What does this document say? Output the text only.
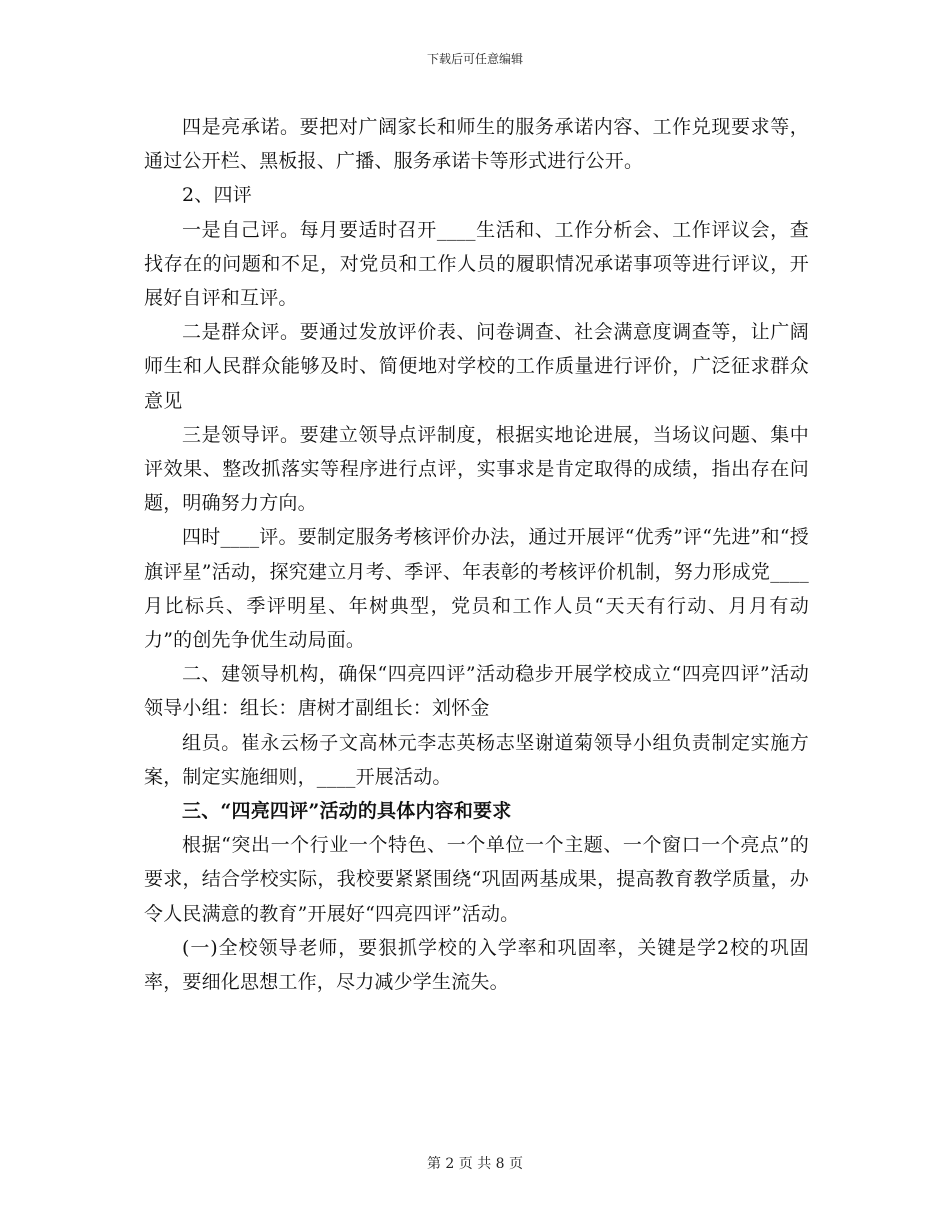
下载后可任意编辑

四是亮承诺。要把对广阔家长和师生的服务承诺内容、工作兑现要求等，通过公开栏、黑板报、广播、服务承诺卡等形式进行公开。

2、四评

一是自己评。每月要适时召开____生活和、工作分析会、工作评议会，查找存在的问题和不足，对党员和工作人员的履职情况承诺事项等进行评议，开展好自评和互评。

二是群众评。要通过发放评价表、问卷调查、社会满意度调查等，让广阔师生和人民群众能够及时、简便地对学校的工作质量进行评价，广泛征求群众意见

三是领导评。要建立领导点评制度，根据实地论进展，当场议问题、集中评效果、整改抓落实等程序进行点评，实事求是肯定取得的成绩，指出存在问题，明确努力方向。

四时____评。要制定服务考核评价办法，通过开展评“优秀”评“先进”和“授旗评星”活动，探究建立月考、季评、年表彰的考核评价机制，努力形成党____月比标兵、季评明星、年树典型，党员和工作人员“天天有行动、月月有动力”的创先争优生动局面。

二、建领导机构，确保“四亮四评”活动稳步开展学校成立“四亮四评”活动领导小组：组长：唐树才副组长：刘怀金

组员。崔永云杨子文高林元李志英杨志坚谢道菊领导小组负责制定实施方案，制定实施细则，____开展活动。

三、“四亮四评”活动的具体内容和要求

根据“突出一个行业一个特色、一个单位一个主题、一个窗口一个亮点”的要求，结合学校实际，我校要紧紧围绕“巩固两基成果，提高教育教学质量，办令人民满意的教育”开展好“四亮四评”活动。

(一)全校领导老师，要狠抓学校的入学率和巩固率，关键是学2校的巩固率，要细化思想工作，尽力减少学生流失。

第 2 页 共 8 页
